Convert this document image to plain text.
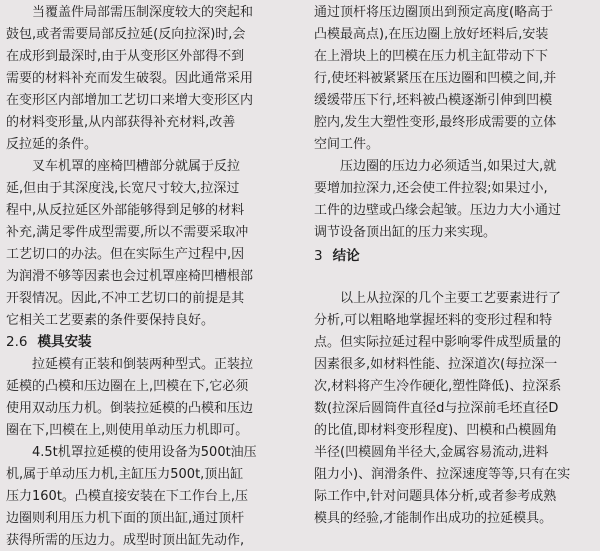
当覆盖件局部需压制深度较大的突起和
鼓包,或者需要局部反拉延(反向拉深)时,会
在成形到最深时,由于从变形区外部得不到
需要的材料补充而发生破裂。因此通常采用
在变形区内部增加工艺切口来增大变形区内
的材料变形量,从内部获得补充材料,改善
反拉延的条件。
叉车机罩的座椅凹槽部分就属于反拉
延,但由于其深度浅,长宽尺寸较大,拉深过
程中,从反拉延区外部能够得到足够的材料
补充,满足零件成型需要,所以不需要采取冲
工艺切口的办法。但在实际生产过程中,因
为润滑不够等因素也会过机罩座椅凹槽根部
开裂情况。因此,不冲工艺切口的前提是其
它相关工艺要素的条件要保持良好。
2.6 模具安装
拉延模有正装和倒装两种型式。正装拉
延模的凸模和压边圈在上,凹模在下,它必须
使用双动压力机。倒装拉延模的凸模和压边
圈在下,凹模在上,则使用单动压力机即可。
4.5t机罩拉延模的使用设备为500t油压
机,属于单动压力机,主缸压力500t,顶出缸
压力160t。凸模直接安装在下工作台上,压
边圈则利用压力机下面的顶出缸,通过顶杆
获得所需的压边力。成型时顶出缸先动作,
通过顶杆将压边圈顶出到预定高度(略高于
凸模最高点),在压边圈上放好坯料后,安装
在上滑块上的凹模在压力机主缸带动下下
行,使坯料被紧紧压在压边圈和凹模之间,并
缓缓带压下行,坯料被凸模逐渐引伸到凹模
腔内,发生大塑性变形,最终形成需要的立体
空间工件。
压边圈的压边力必须适当,如果过大,就
要增加拉深力,还会使工件拉裂;如果过小,
工件的边壁或凸缘会起皱。压边力大小通过
调节设备顶出缸的压力来实现。
3 结论
以上从拉深的几个主要工艺要素进行了
分析,可以粗略地掌握坯料的变形过程和特
点。但实际拉延过程中影响零件成型质量的
因素很多,如材料性能、拉深道次(每拉深一
次,材料将产生冷作硬化,塑性降低)、拉深系
数(拉深后圆筒件直径d与拉深前毛坯直径D
的比值,即材料变形程度)、凹模和凸模圆角
半径(凹模圆角半径大,金属容易流动,进料
阻力小)、润滑条件、拉深速度等等,只有在实
际工作中,针对问题具体分析,或者参考成熟
模具的经验,才能制作出成功的拉延模具。
